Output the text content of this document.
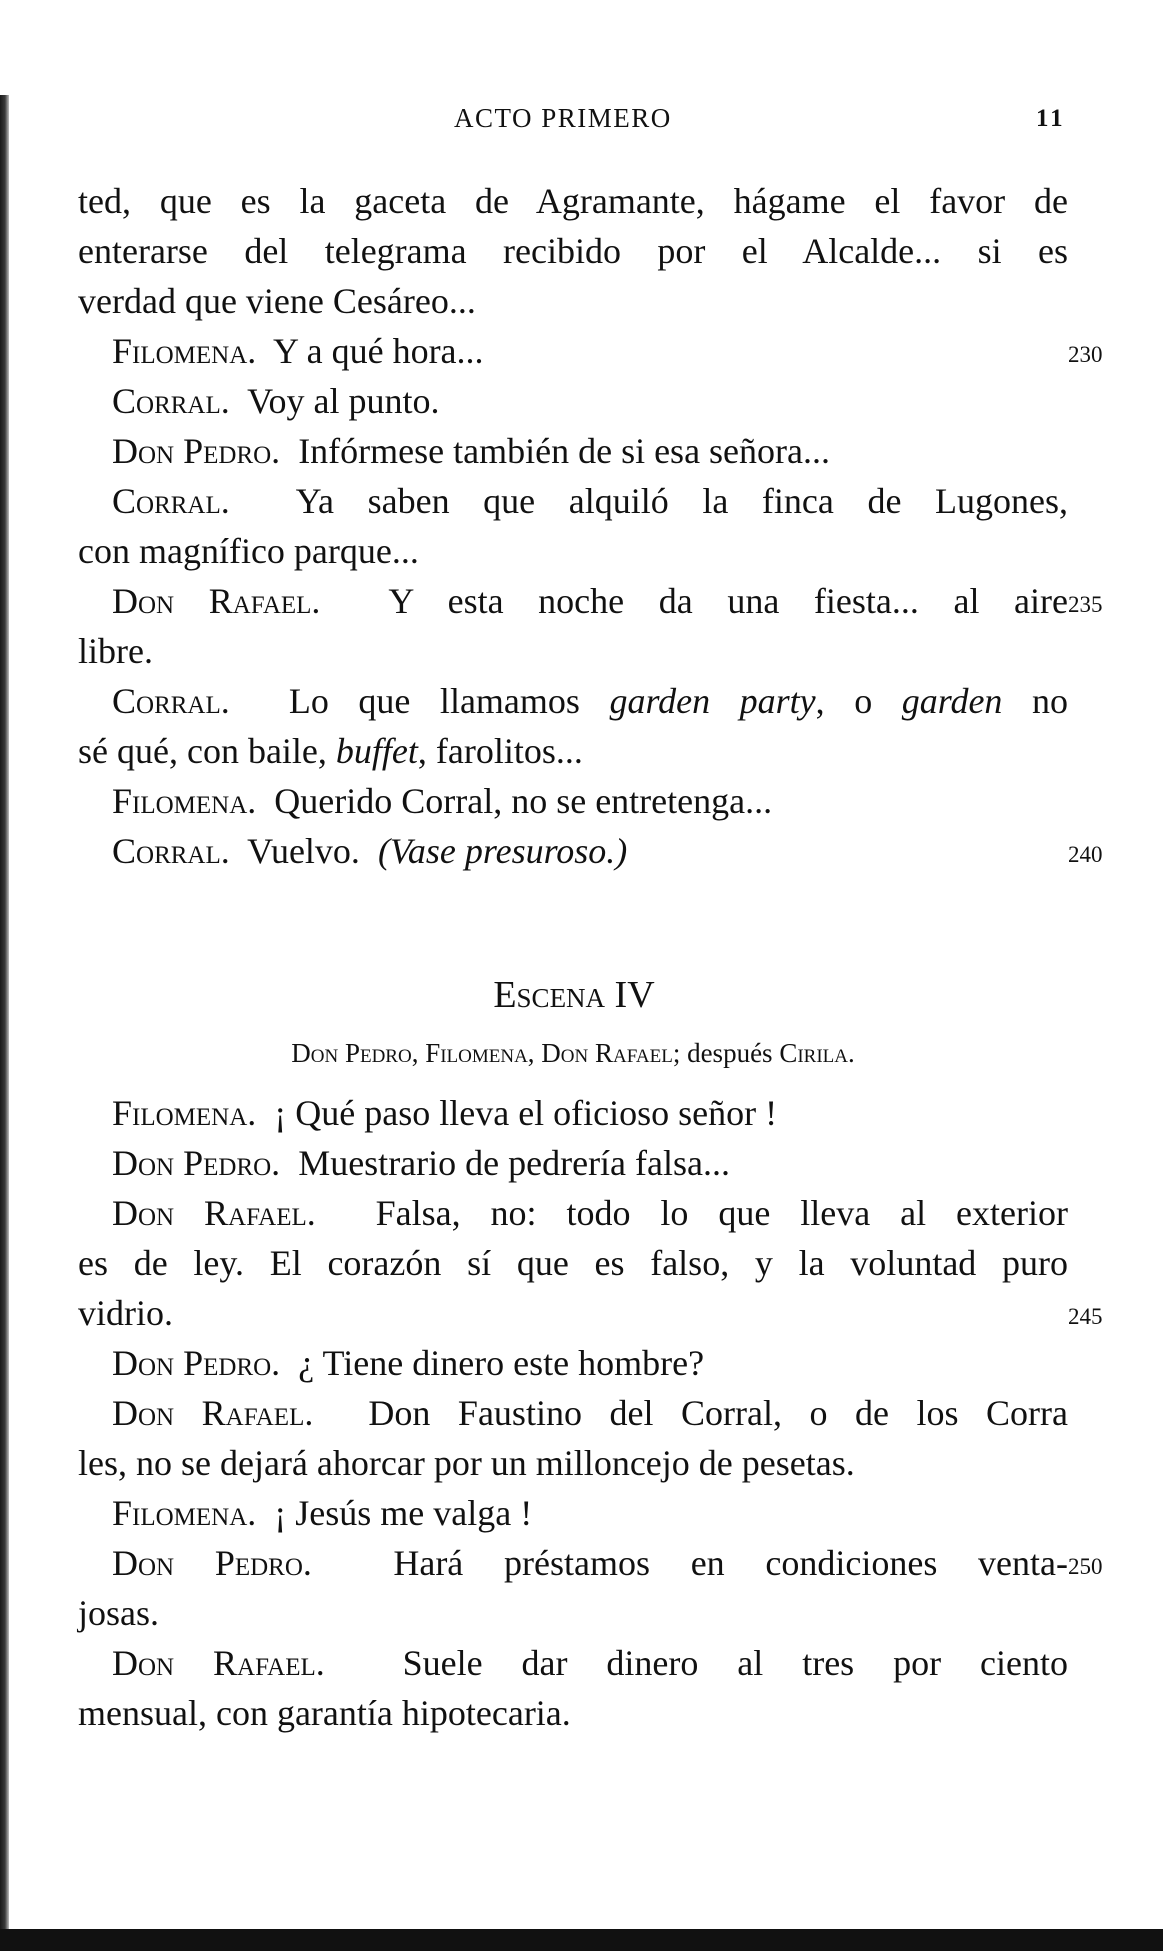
ACTO PRIMERO	11
ted, que es la gaceta de Agramante, hágame el favor de
enterarse del telegrama recibido por el Alcalde... si es
verdad que viene Cesáreo...
Filomena. Y a qué hora...	230
Corral. Voy al punto.
Don Pedro. Infórmese también de si esa señora...
Corral. Ya saben que alquiló la finca de Lugones,
con magnífico parque...
Don Rafael. Y esta noche da una fiesta... al aire 235
libre.
Corral. Lo que llamamos garden party, o garden no
sé qué, con baile, buffet, farolitos...
Filomena. Querido Corral, no se entretenga...
Corral. Vuelvo. (Vase presuroso.)	240
Escena IV
Don Pedro, Filomena, Don Rafael; después Cirila.
Filomena. ¡ Qué paso lleva el oficioso señor !
Don Pedro. Muestrario de pedrería falsa...
Don Rafael. Falsa, no: todo lo que lleva al exterior
es de ley. El corazón sí que es falso, y la voluntad puro
vidrio.	245
Don Pedro. ¿ Tiene dinero este hombre?
Don Rafael. Don Faustino del Corral, o de los Corra
les, no se dejará ahorcar por un milloncejo de pesetas.
Filomena. ¡ Jesús me valga !
Don Pedro. Hará préstamos en condiciones venta- 250
josas.
Don Rafael. Suele dar dinero al tres por ciento
mensual, con garantía hipotecaria.
